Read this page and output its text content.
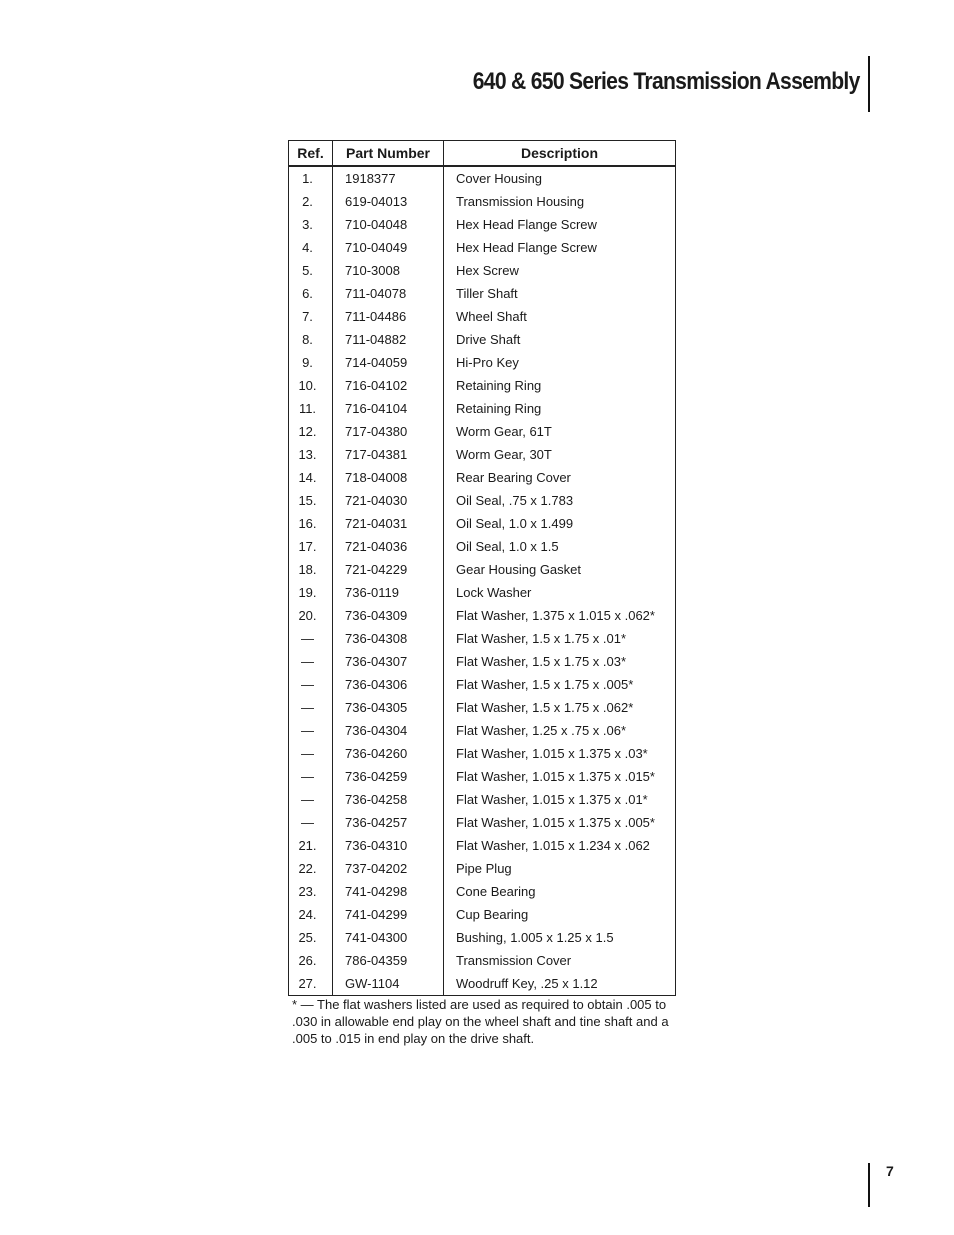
640 & 650 Series Transmission Assembly
Ref.	Part Number	Description
1.	1918377	Cover Housing
2.	619-04013	Transmission Housing
3.	710-04048	Hex Head Flange Screw
4.	710-04049	Hex Head Flange Screw
5.	710-3008	Hex Screw
6.	711-04078	Tiller Shaft
7.	711-04486	Wheel Shaft
8.	711-04882	Drive Shaft
9.	714-04059	Hi-Pro Key
10.	716-04102	Retaining Ring
11.	716-04104	Retaining Ring
12.	717-04380	Worm Gear, 61T
13.	717-04381	Worm Gear, 30T
14.	718-04008	Rear Bearing Cover
15.	721-04030	Oil Seal, .75 x 1.783
16.	721-04031	Oil Seal, 1.0 x 1.499
17.	721-04036	Oil Seal, 1.0 x 1.5
18.	721-04229	Gear Housing Gasket
19.	736-0119	Lock Washer
20.	736-04309	Flat Washer, 1.375 x 1.015 x .062*
—	736-04308	Flat Washer, 1.5 x 1.75 x .01*
—	736-04307	Flat Washer, 1.5 x 1.75 x .03*
—	736-04306	Flat Washer, 1.5 x 1.75 x .005*
—	736-04305	Flat Washer, 1.5 x 1.75 x .062*
—	736-04304	Flat Washer, 1.25 x .75 x .06*
—	736-04260	Flat Washer, 1.015 x 1.375 x .03*
—	736-04259	Flat Washer, 1.015 x 1.375 x .015*
—	736-04258	Flat Washer, 1.015 x 1.375 x .01*
—	736-04257	Flat Washer, 1.015 x 1.375 x .005*
21.	736-04310	Flat Washer, 1.015 x 1.234 x .062
22.	737-04202	Pipe Plug
23.	741-04298	Cone Bearing
24.	741-04299	Cup Bearing
25.	741-04300	Bushing, 1.005 x 1.25 x 1.5
26.	786-04359	Transmission Cover
27.	GW-1104	Woodruff Key, .25 x 1.12
* — The flat washers listed are used as required to obtain .005 to .030 in allowable end play on the wheel shaft and tine shaft and a .005 to .015 in end play on the drive shaft.
7
